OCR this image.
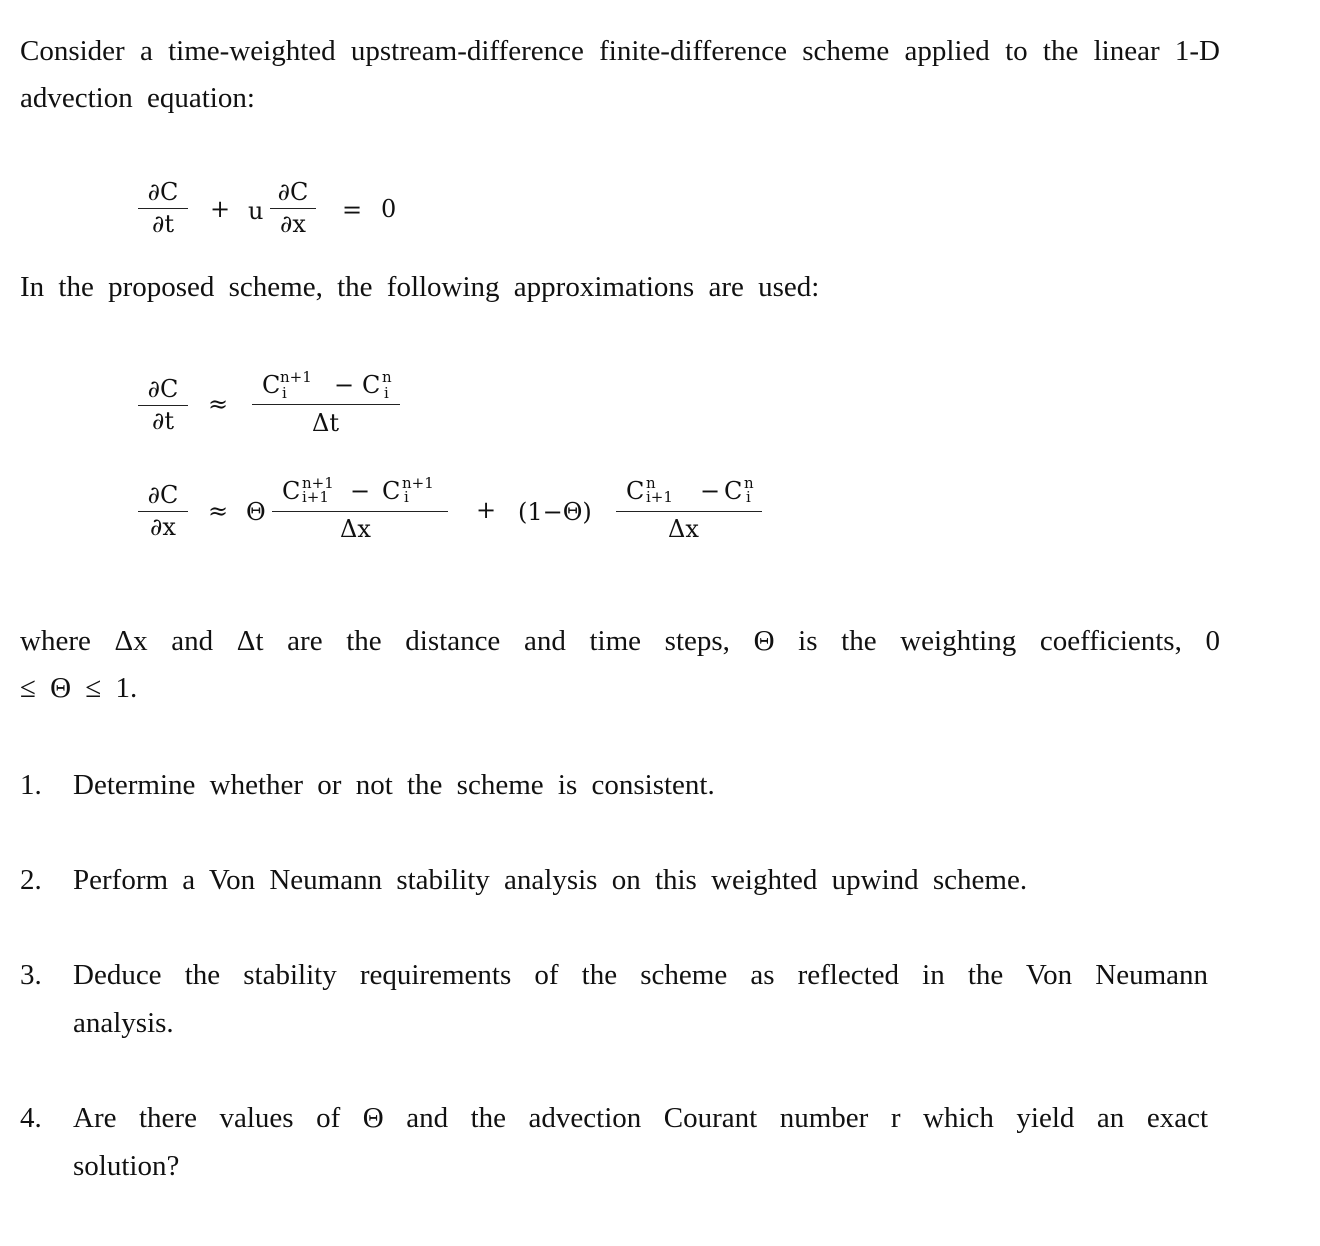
Consider a time-weighted upstream-difference finite-difference scheme applied to the linear 1-D advection equation:
∂C
∂t
+ u
∂C
∂x	= 0
In the proposed scheme, the following approximations are used:
∂C
∂t
≈
C n+1
i − C n
i
Δt
∂C
∂x
≈ Θ
C n+1
i+1 − C n+1
i
Δx
+ (1−Θ)
C n
i+1 − C n
i
Δx
where Δx and Δt are the distance and time steps, Θ is the weighting coefficients, 0
≤ Θ ≤ 1.
1. Determine whether or not the scheme is consistent.
2. Perform a Von Neumann stability analysis on this weighted upwind scheme.
3. Deduce the stability requirements of the scheme as reflected in the Von Neumann analysis.
4. Are there values of Θ and the advection Courant number r which yield an exact solution?
